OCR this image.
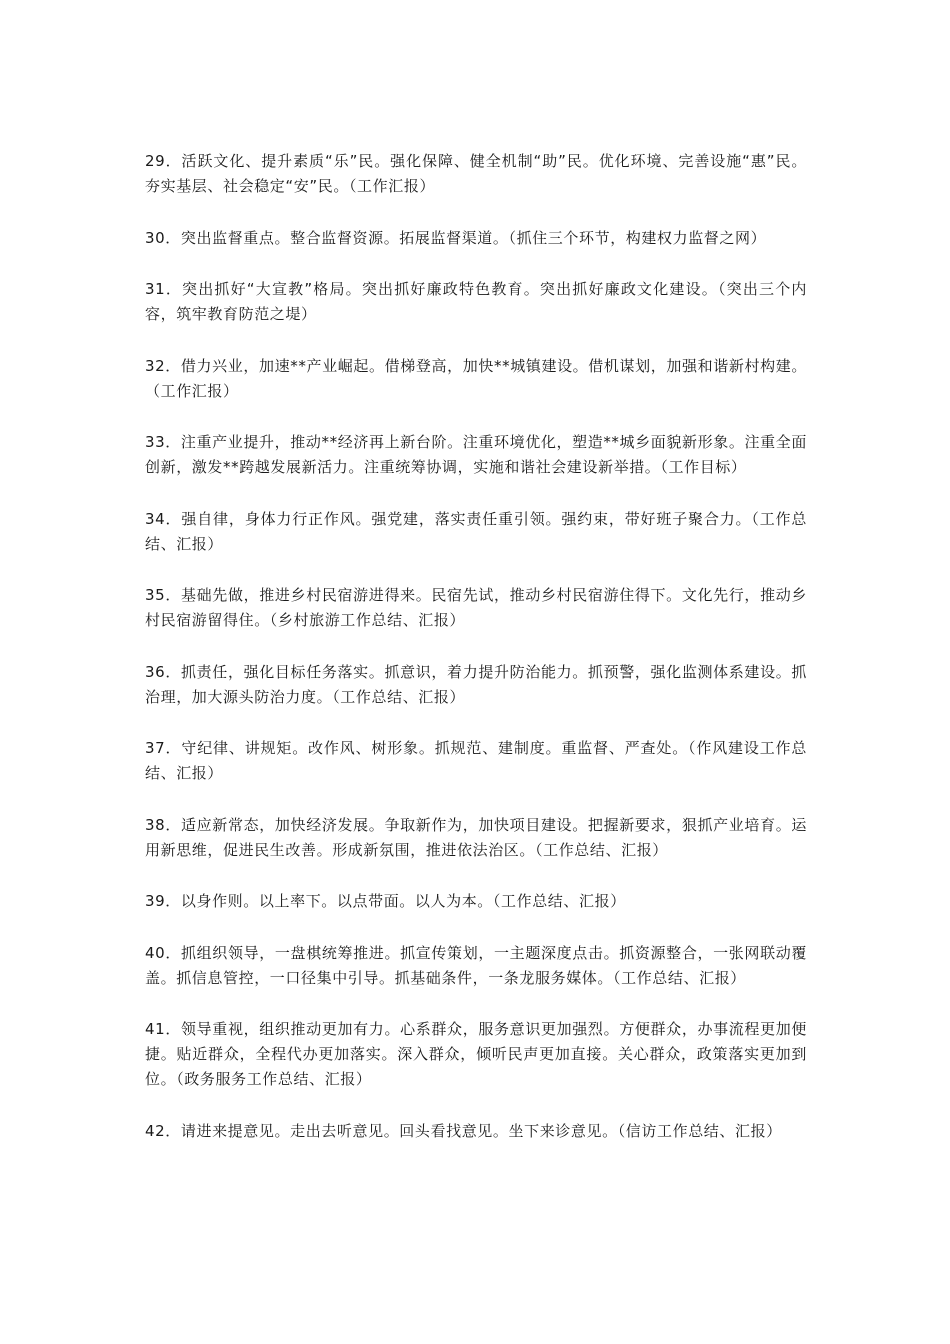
29．活跃文化、提升素质“乐”民。强化保障、健全机制“助”民。优化环境、完善设施“惠”民。夯实基层、社会稳定“安”民。（工作汇报）

30．突出监督重点。整合监督资源。拓展监督渠道。（抓住三个环节，构建权力监督之网）

31．突出抓好“大宣教”格局。突出抓好廉政特色教育。突出抓好廉政文化建设。（突出三个内容，筑牢教育防范之堤）

32．借力兴业，加速**产业崛起。借梯登高，加快**城镇建设。借机谋划，加强和谐新村构建。（工作汇报）

33．注重产业提升，推动**经济再上新台阶。注重环境优化，塑造**城乡面貌新形象。注重全面创新，激发**跨越发展新活力。注重统筹协调，实施和谐社会建设新举措。（工作目标）

34．强自律，身体力行正作风。强党建，落实责任重引领。强约束，带好班子聚合力。（工作总结、汇报）

35．基础先做，推进乡村民宿游进得来。民宿先试，推动乡村民宿游住得下。文化先行，推动乡村民宿游留得住。（乡村旅游工作总结、汇报）

36．抓责任，强化目标任务落实。抓意识，着力提升防治能力。抓预警，强化监测体系建设。抓治理，加大源头防治力度。（工作总结、汇报）

37．守纪律、讲规矩。改作风、树形象。抓规范、建制度。重监督、严查处。（作风建设工作总结、汇报）

38．适应新常态，加快经济发展。争取新作为，加快项目建设。把握新要求，狠抓产业培育。运用新思维，促进民生改善。形成新氛围，推进依法治区。（工作总结、汇报）

39．以身作则。以上率下。以点带面。以人为本。（工作总结、汇报）

40．抓组织领导，一盘棋统筹推进。抓宣传策划，一主题深度点击。抓资源整合，一张网联动覆盖。抓信息管控，一口径集中引导。抓基础条件，一条龙服务媒体。（工作总结、汇报）

41．领导重视，组织推动更加有力。心系群众，服务意识更加强烈。方便群众，办事流程更加便捷。贴近群众，全程代办更加落实。深入群众，倾听民声更加直接。关心群众，政策落实更加到位。（政务服务工作总结、汇报）

42．请进来提意见。走出去听意见。回头看找意见。坐下来诊意见。（信访工作总结、汇报）
